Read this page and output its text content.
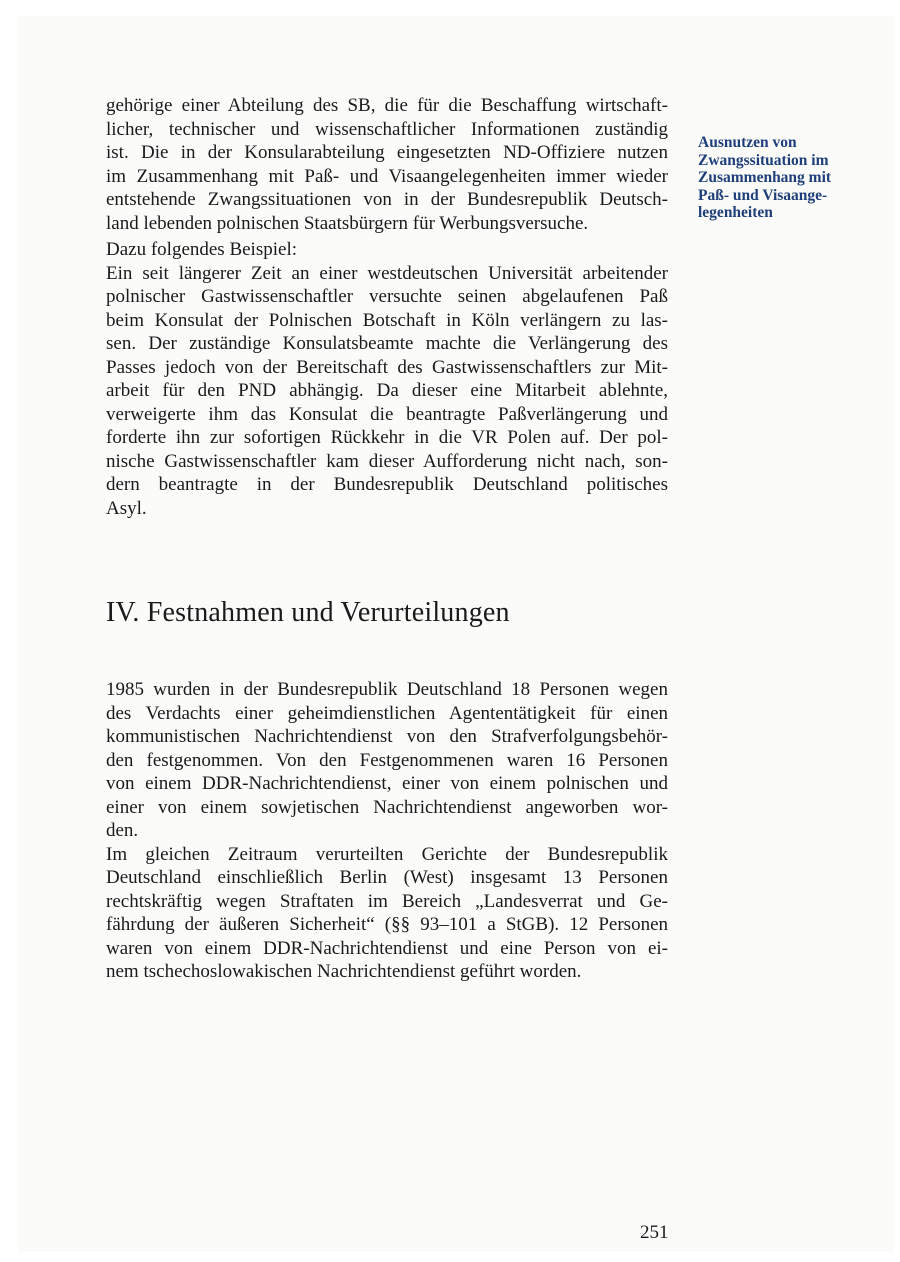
gehörige einer Abteilung des SB, die für die Beschaffung wirtschaft-
licher, technischer und wissenschaftlicher Informationen zuständig
ist. Die in der Konsularabteilung eingesetzten ND-Offiziere nutzen
im Zusammenhang mit Paß- und Visaangelegenheiten immer wieder
entstehende Zwangssituationen von in der Bundesrepublik Deutsch-
land lebenden polnischen Staatsbürgern für Werbungsversuche.
Ausnutzen von
Zwangssituation im
Zusammenhang mit
Paß- und Visaange-
legenheiten
Dazu folgendes Beispiel:
Ein seit längerer Zeit an einer westdeutschen Universität arbeitender
polnischer Gastwissenschaftler versuchte seinen abgelaufenen Paß
beim Konsulat der Polnischen Botschaft in Köln verlängern zu las-
sen. Der zuständige Konsulatsbeamte machte die Verlängerung des
Passes jedoch von der Bereitschaft des Gastwissenschaftlers zur Mit-
arbeit für den PND abhängig. Da dieser eine Mitarbeit ablehnte,
verweigerte ihm das Konsulat die beantragte Paßverlängerung und
forderte ihn zur sofortigen Rückkehr in die VR Polen auf. Der pol-
nische Gastwissenschaftler kam dieser Aufforderung nicht nach, son-
dern beantragte in der Bundesrepublik Deutschland politisches
Asyl.
IV. Festnahmen und Verurteilungen
1985 wurden in der Bundesrepublik Deutschland 18 Personen wegen
des Verdachts einer geheimdienstlichen Agententätigkeit für einen
kommunistischen Nachrichtendienst von den Strafverfolgungsbehör-
den festgenommen. Von den Festgenommenen waren 16 Personen
von einem DDR-Nachrichtendienst, einer von einem polnischen und
einer von einem sowjetischen Nachrichtendienst angeworben wor-
den.
Im gleichen Zeitraum verurteilten Gerichte der Bundesrepublik
Deutschland einschließlich Berlin (West) insgesamt 13 Personen
rechtskräftig wegen Straftaten im Bereich „Landesverrat und Ge-
fährdung der äußeren Sicherheit“ (§§ 93–101 a StGB). 12 Personen
waren von einem DDR-Nachrichtendienst und eine Person von ei-
nem tschechoslowakischen Nachrichtendienst geführt worden.
251
